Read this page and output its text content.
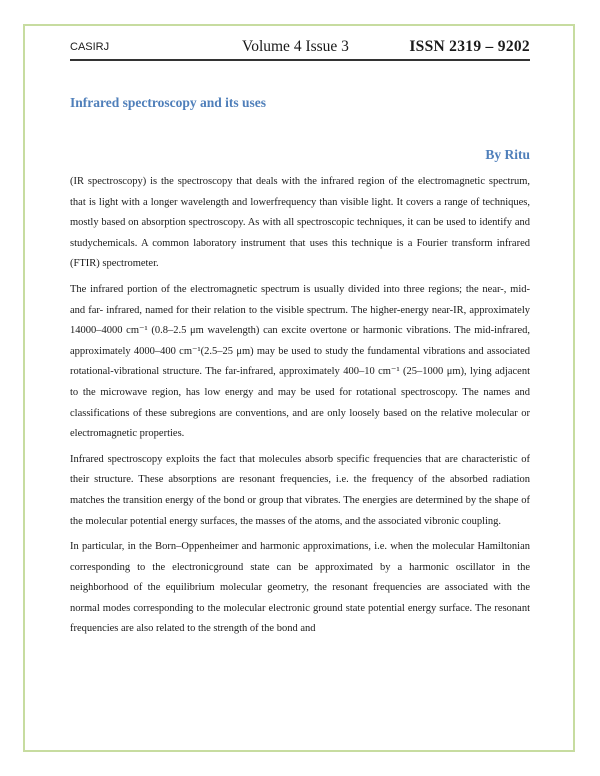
CASIRJ	Volume 4 Issue 3	ISSN 2319 – 9202
Infrared spectroscopy and its uses
By Ritu

(IR spectroscopy) is the spectroscopy that deals with the infrared region of the electromagnetic spectrum, that is light with a longer wavelength and lowerfrequency than visible light. It covers a range of techniques, mostly based on absorption spectroscopy. As with all spectroscopic techniques, it can be used to identify and studychemicals. A common laboratory instrument that uses this technique is a Fourier transform infrared (FTIR) spectrometer.

The infrared portion of the electromagnetic spectrum is usually divided into three regions; the near-, mid- and far- infrared, named for their relation to the visible spectrum. The higher-energy near-IR, approximately 14000–4000 cm⁻¹ (0.8–2.5 μm wavelength) can excite overtone or harmonic vibrations. The mid-infrared, approximately 4000–400 cm⁻¹(2.5–25 μm) may be used to study the fundamental vibrations and associated rotational-vibrational structure. The far-infrared, approximately 400–10 cm⁻¹ (25–1000 μm), lying adjacent to the microwave region, has low energy and may be used for rotational spectroscopy. The names and classifications of these subregions are conventions, and are only loosely based on the relative molecular or electromagnetic properties.

Infrared spectroscopy exploits the fact that molecules absorb specific frequencies that are characteristic of their structure. These absorptions are resonant frequencies, i.e. the frequency of the absorbed radiation matches the transition energy of the bond or group that vibrates. The energies are determined by the shape of the molecular potential energy surfaces, the masses of the atoms, and the associated vibronic coupling.

In particular, in the Born–Oppenheimer and harmonic approximations, i.e. when the molecular Hamiltonian corresponding to the electronicground state can be approximated by a harmonic oscillator in the neighborhood of the equilibrium molecular geometry, the resonant frequencies are associated with the normal modes corresponding to the molecular electronic ground state potential energy surface. The resonant frequencies are also related to the strength of the bond and
